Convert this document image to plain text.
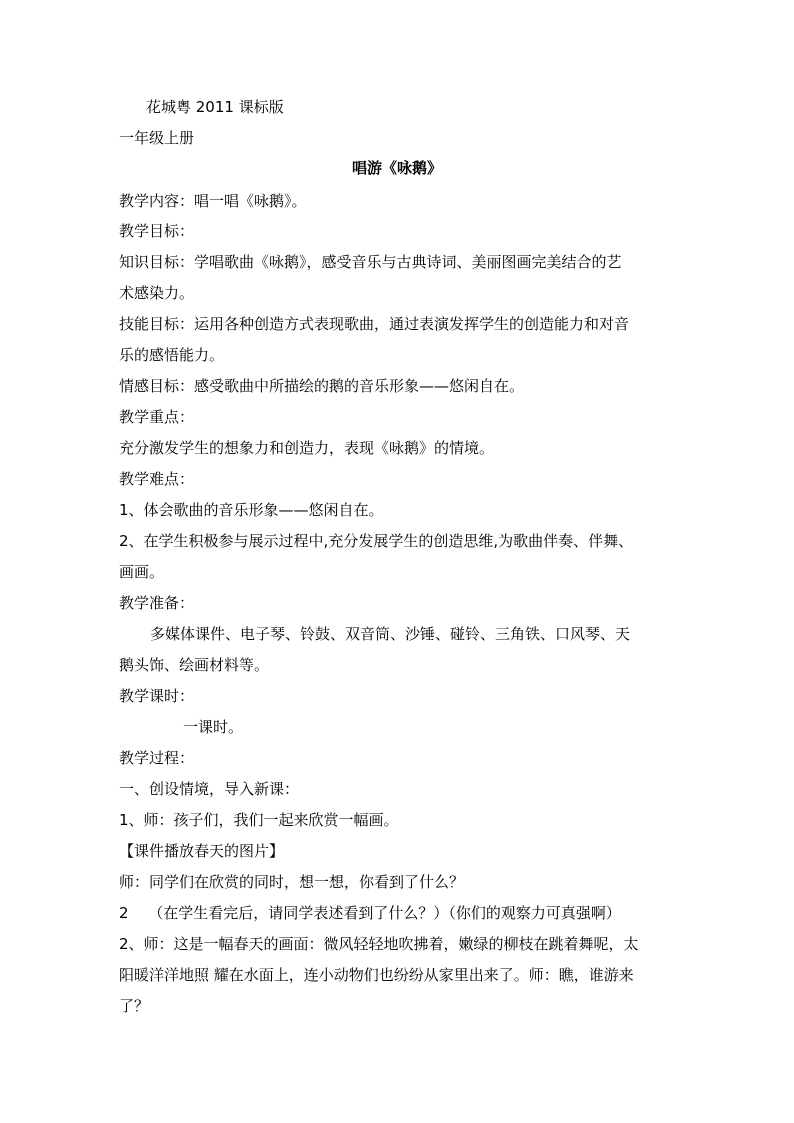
花城粤 2011 课标版
一年级上册
唱游《咏鹅》
教学内容：唱一唱《咏鹅》。
教学目标：
知识目标：学唱歌曲《咏鹅》，感受音乐与古典诗词、美丽图画完美结合的艺
术感染力。
技能目标：运用各种创造方式表现歌曲，通过表演发挥学生的创造能力和对音
乐的感悟能力。
情感目标：感受歌曲中所描绘的鹅的音乐形象——悠闲自在。
教学重点：
充分激发学生的想象力和创造力，表现《咏鹅》的情境。
教学难点：
1、体会歌曲的音乐形象——悠闲自在。
2、在学生积极参与展示过程中,充分发展学生的创造思维,为歌曲伴奏、伴舞、
画画。
教学准备：
多媒体课件、电子琴、铃鼓、双音筒、沙锤、碰铃、三角铁、口风琴、天
鹅头饰、绘画材料等。
教学课时：
一课时。
教学过程：
一、创设情境，导入新课：
1、师：孩子们，我们一起来欣赏一幅画。
【课件播放春天的图片】
师：同学们在欣赏的同时，想一想，你看到了什么？
2　 （在学生看完后，请同学表述看到了什么？）（你们的观察力可真强啊）
2、师：这是一幅春天的画面：微风轻轻地吹拂着，嫩绿的柳枝在跳着舞呢，太
阳暖洋洋地照 耀在水面上，连小动物们也纷纷从家里出来了。师：瞧，谁游来
了？
